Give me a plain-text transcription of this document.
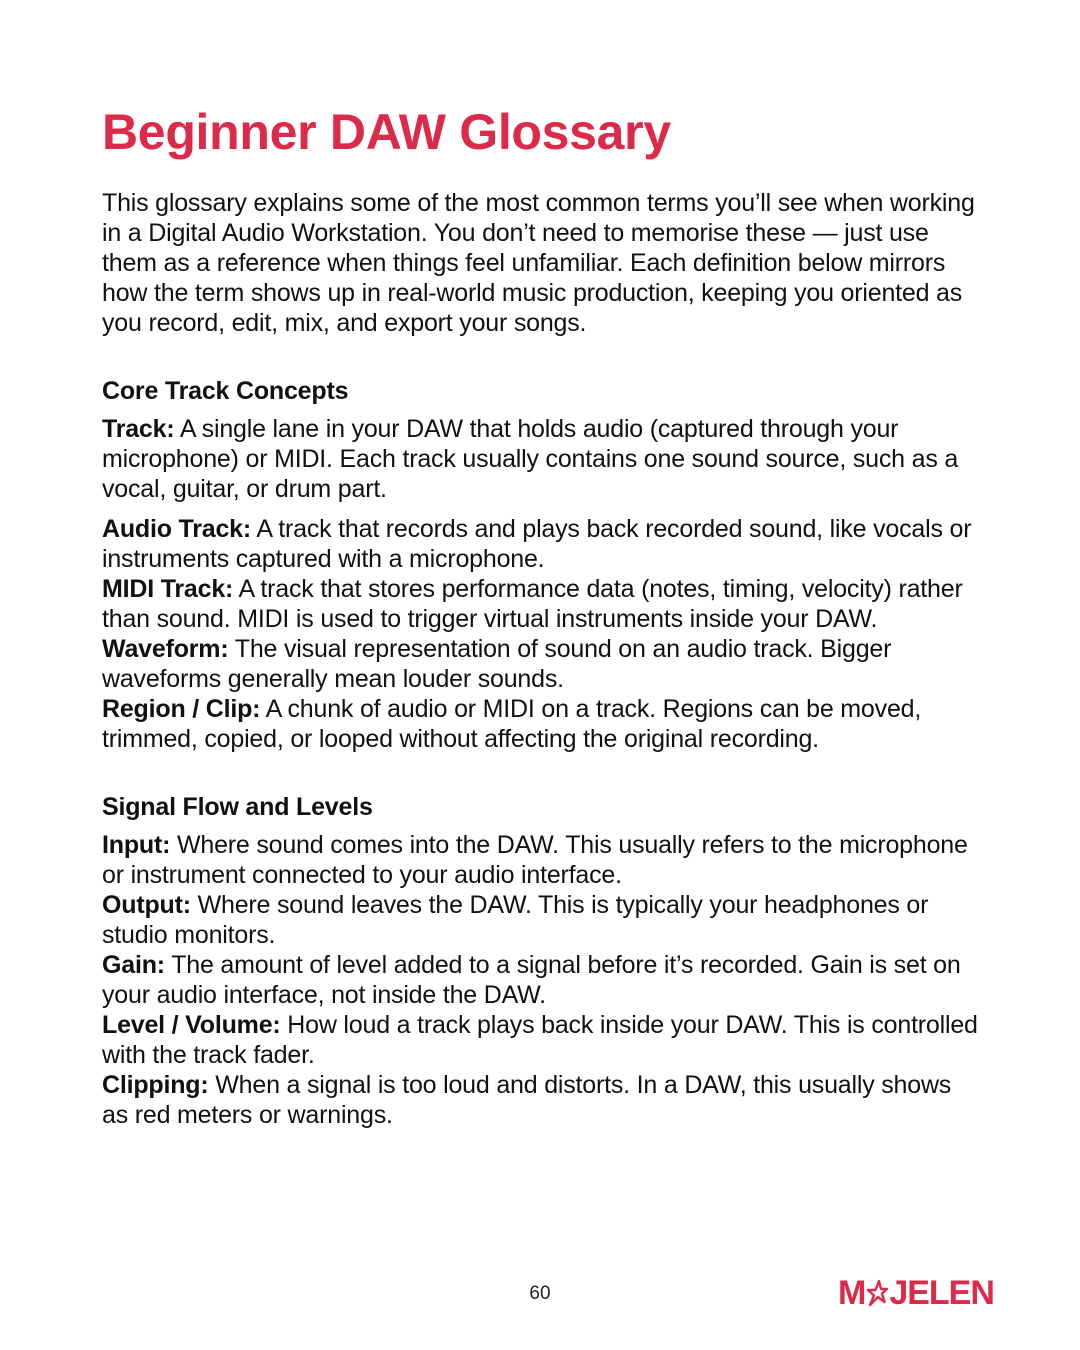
Beginner DAW Glossary

This glossary explains some of the most common terms you’ll see when working in a Digital Audio Workstation. You don’t need to memorise these — just use them as a reference when things feel unfamiliar. Each definition below mirrors how the term shows up in real-world music production, keeping you oriented as you record, edit, mix, and export your songs.

Core Track Concepts

Track: A single lane in your DAW that holds audio (captured through your microphone) or MIDI. Each track usually contains one sound source, such as a vocal, guitar, or drum part.

Audio Track: A track that records and plays back recorded sound, like vocals or instruments captured with a microphone.

MIDI Track: A track that stores performance data (notes, timing, velocity) rather than sound. MIDI is used to trigger virtual instruments inside your DAW.

Waveform: The visual representation of sound on an audio track. Bigger waveforms generally mean louder sounds.

Region / Clip: A chunk of audio or MIDI on a track. Regions can be moved, trimmed, copied, or looped without affecting the original recording.

Signal Flow and Levels

Input: Where sound comes into the DAW. This usually refers to the microphone or instrument connected to your audio interface.

Output: Where sound leaves the DAW. This is typically your headphones or studio monitors.

Gain: The amount of level added to a signal before it’s recorded. Gain is set on your audio interface, not inside the DAW.

Level / Volume: How loud a track plays back inside your DAW. This is controlled with the track fader.

Clipping: When a signal is too loud and distorts. In a DAW, this usually shows as red meters or warnings.

60	M JELEN
